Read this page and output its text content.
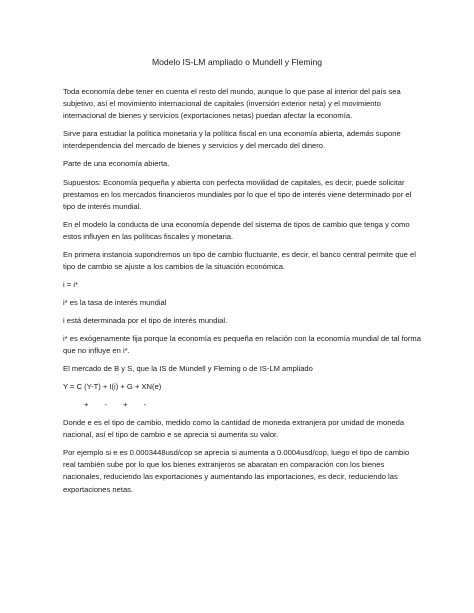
Modelo IS-LM ampliado o Mundell y Fleming

Toda economía debe tener en cuenta el resto del mundo, aunque lo que pase al interior del país sea subjetivo, así el movimiento internacional de capitales (inversión exterior neta) y el movimiento internacional de bienes y servicios (exportaciones netas) puedan afectar la economía.

Sirve para estudiar la política monetaria y la política fiscal en una economía abierta, además supone interdependencia del mercado de bienes y servicios y del mercado del dinero.

Parte de una economía abierta.

Supuestos: Economía pequeña y abierta con perfecta movilidad de capitales, es decir, puede solicitar prestamos en los mercados financieros mundiales por lo que el tipo de interés viene determinado por el tipo de interés mundial.

En el modelo la conducta de una economía depende del sistema de tipos de cambio que tenga y como estos influyen en las políticas fiscales y monetaria.

En primera instancia supondremos un tipo de cambio fluctuante, es decir, el banco central permite que el tipo de cambio se ajuste a los cambios de la situación económica.

i = i*

i* es la tasa de interés mundial

i está determinada por el tipo de interés mundial.

i* es exógenamente fija porque la economía es pequeña en relación con la economía mundial de tal forma que no influye en i*.

El mercado de B y S, que la IS de Mundell y Fleming o de IS-LM ampliado

Y = C (Y-T) + I(i) + G + XN(e)

+ - + -

Donde e es el tipo de cambio, medido como la cantidad de moneda extranjera por unidad de moneda nacional, así el tipo de cambio e se aprecia si aumenta su valor.

Por ejemplo si e es 0.0003448usd/cop se aprecia si aumenta a 0.0004usd/cop, luego el tipo de cambio real también sube por lo que los bienes extranjeros se abaratan en comparación con los bienes nacionales, reduciendo las exportaciones y aumentando las importaciones, es decir, reduciendo las exportaciones netas.
